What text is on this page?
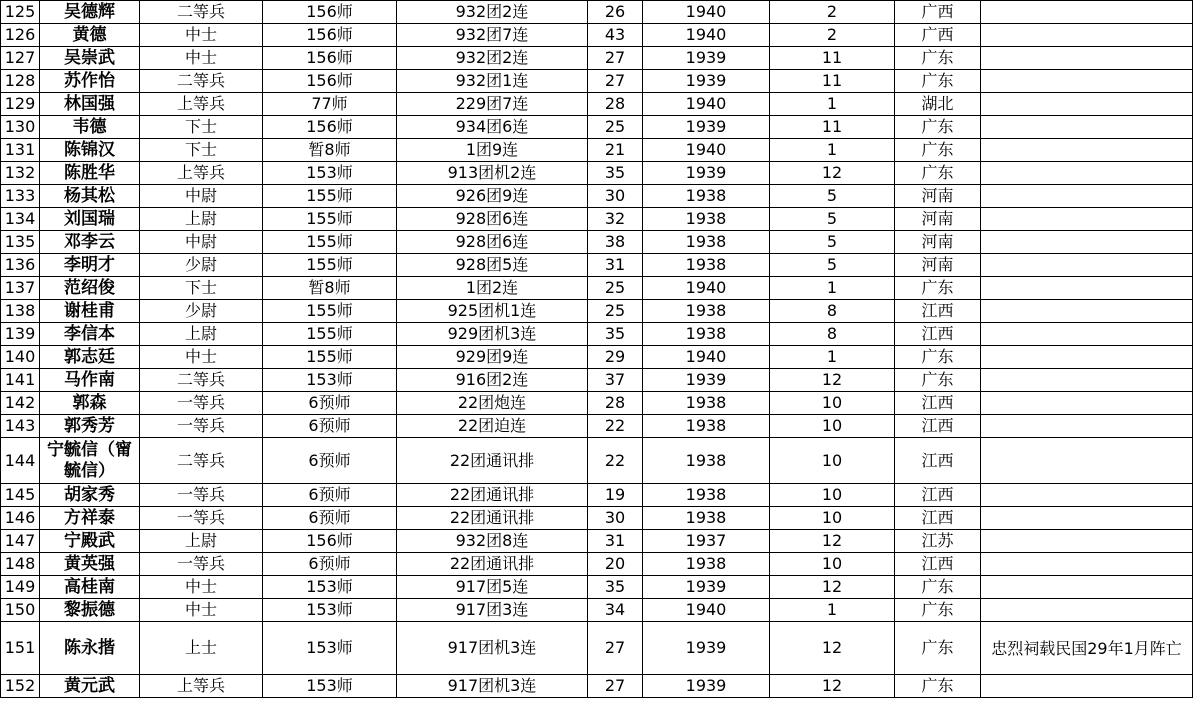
125	吴德辉	二等兵	156师	932团2连	26	1940	2	广西	
126	黄德	中士	156师	932团7连	43	1940	2	广西	
127	吴崇武	中士	156师	932团2连	27	1939	11	广东	
128	苏作怡	二等兵	156师	932团1连	27	1939	11	广东	
129	林国强	上等兵	77师	229团7连	28	1940	1	湖北	
130	韦德	下士	156师	934团6连	25	1939	11	广东	
131	陈锦汉	下士	暂8师	1团9连	21	1940	1	广东	
132	陈胜华	上等兵	153师	913团机2连	35	1939	12	广东	
133	杨其松	中尉	155师	926团9连	30	1938	5	河南	
134	刘国瑞	上尉	155师	928团6连	32	1938	5	河南	
135	邓李云	中尉	155师	928团6连	38	1938	5	河南	
136	李明才	少尉	155师	928团5连	31	1938	5	河南	
137	范绍俊	下士	暂8师	1团2连	25	1940	1	广东	
138	谢桂甫	少尉	155师	925团机1连	25	1938	8	江西	
139	李信本	上尉	155师	929团机3连	35	1938	8	江西	
140	郭志廷	中士	155师	929团9连	29	1940	1	广东	
141	马作南	二等兵	153师	916团2连	37	1939	12	广东	
142	郭森	一等兵	6预师	22团炮连	28	1938	10	江西	
143	郭秀芳	一等兵	6预师	22团迫连	22	1938	10	江西	
144	宁毓信（甯毓信）	二等兵	6预师	22团通讯排	22	1938	10	江西	
145	胡家秀	一等兵	6预师	22团通讯排	19	1938	10	江西	
146	方祥泰	一等兵	6预师	22团通讯排	30	1938	10	江西	
147	宁殿武	上尉	156师	932团8连	31	1937	12	江苏	
148	黄英强	一等兵	6预师	22团通讯排	20	1938	10	江西	
149	高桂南	中士	153师	917团5连	35	1939	12	广东	
150	黎振德	中士	153师	917团3连	34	1940	1	广东	
151	陈永揩	上士	153师	917团机3连	27	1939	12	广东	忠烈祠载民国29年1月阵亡
152	黄元武	上等兵	153师	917团机3连	27	1939	12	广东	
